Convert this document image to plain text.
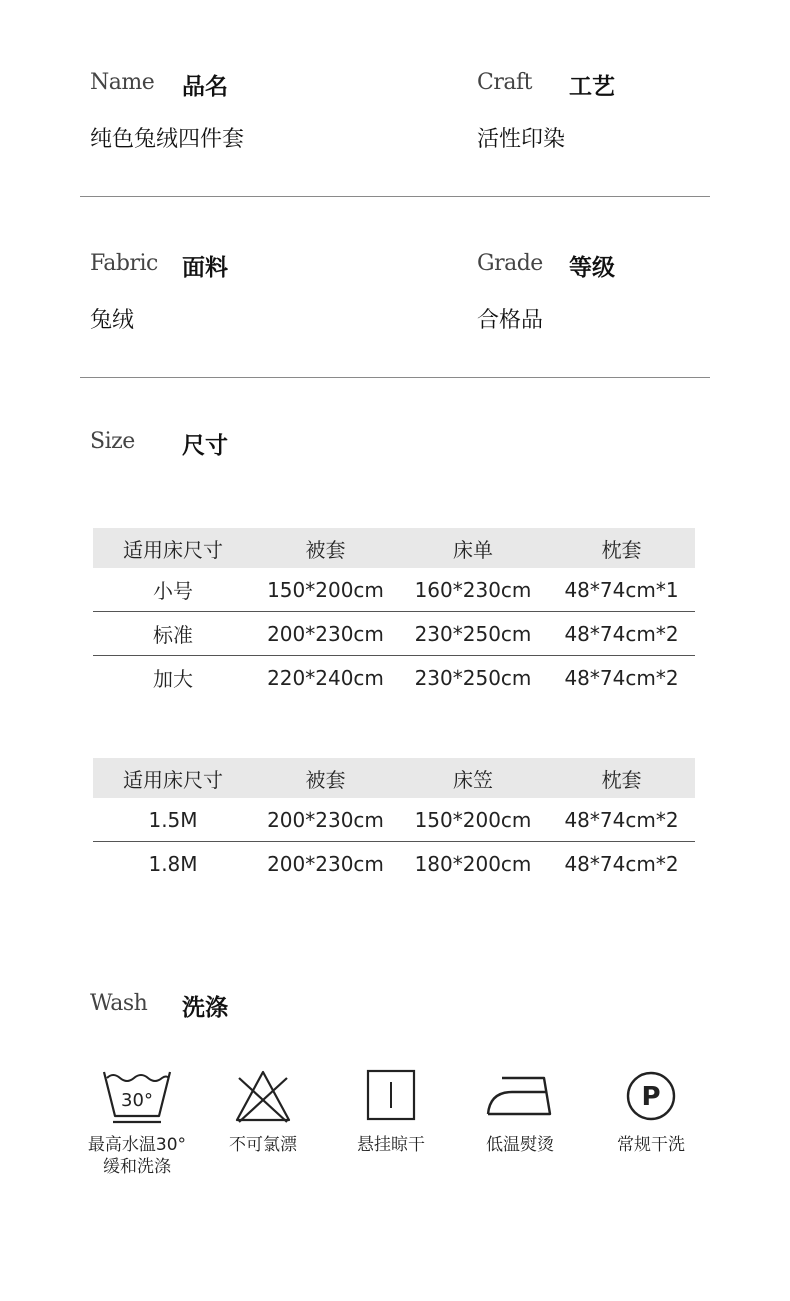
Name 品名
纯色兔绒四件套
Craft 工艺
活性印染
Fabric 面料
兔绒
Grade 等级
合格品
Size 尺寸
适用床尺寸	被套	床单	枕套
小号	150*200cm	160*230cm	48*74cm*1
标准	200*230cm	230*250cm	48*74cm*2
加大	220*240cm	230*250cm	48*74cm*2
适用床尺寸	被套	床笠	枕套
1.5M	200*230cm	150*200cm	48*74cm*2
1.8M	200*230cm	180*200cm	48*74cm*2
Wash 洗涤
30°
最高水温30°
缓和洗涤
不可氯漂	悬挂晾干	低温熨烫
P
常规干洗
